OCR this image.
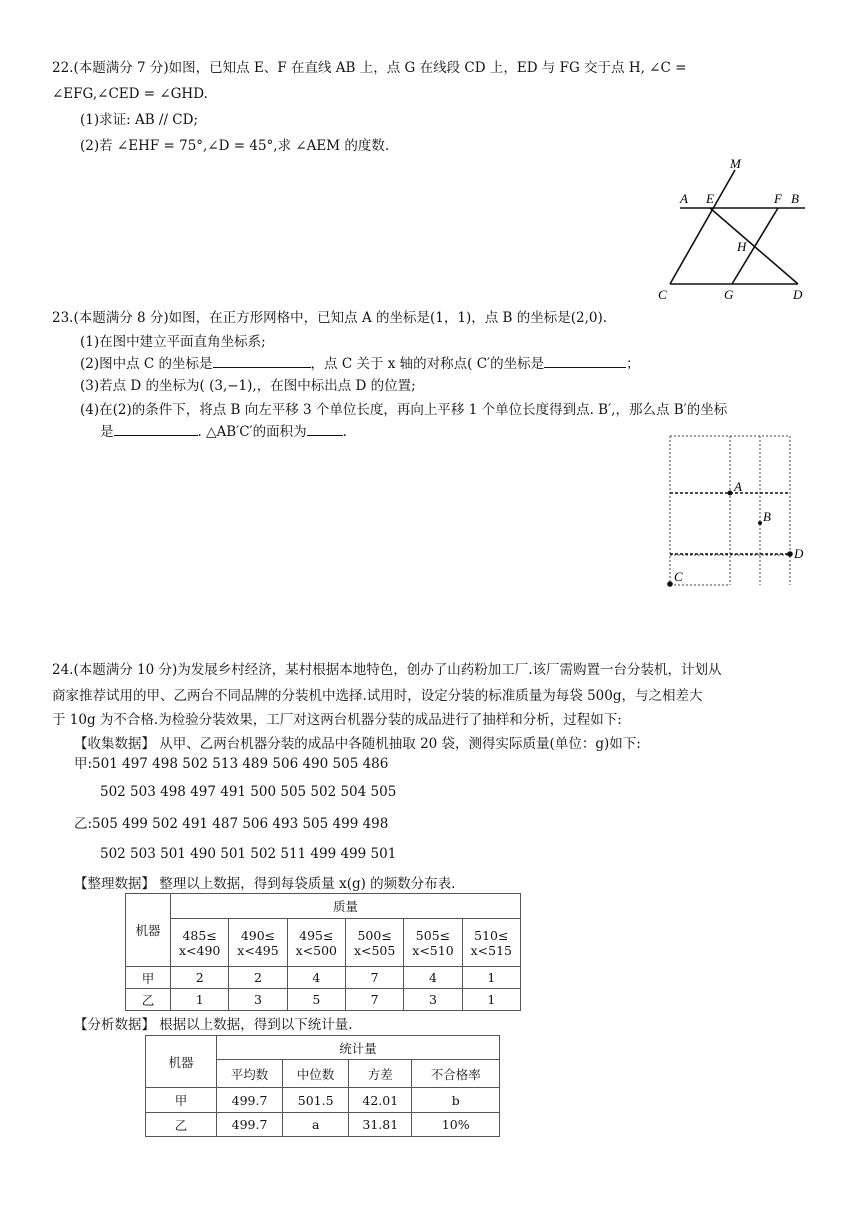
22.(本题满分 7 分)如图，已知点 E、F 在直线 AB 上，点 G 在线段 CD 上，ED 与 FG 交于点 H, ∠C =
∠EFG,∠CED = ∠GHD.
(1)求证: AB // CD;
(2)若 ∠EHF = 75°,∠D = 45°,求 ∠AEM 的度数.
M
A E	F B
H
C	G	D
23.(本题满分 8 分)如图，在正方形网格中，已知点 A 的坐标是(1，1)，点 B 的坐标是(2,0).
(1)在图中建立平面直角坐标系;
(2)图中点 C 的坐标是	，点 C 关于 x 轴的对称点( C′的坐标是	；
(3)若点 D 的坐标为( (3,−1),，在图中标出点 D 的位置;
(4)在(2)的条件下，将点 B 向左平移 3 个单位长度，再向上平移 1 个单位长度得到点. B′,，那么点 B′的坐标
是	. △AB′C′的面积为	.
A
B
C
D
24.(本题满分 10 分)为发展乡村经济，某村根据本地特色，创办了山药粉加工厂.该厂需购置一台分装机，计划从
商家推荐试用的甲、乙两台不同品牌的分装机中选择.试用时，设定分装的标准质量为每袋 500g，与之相差大
于 10g 为不合格.为检验分装效果，工厂对这两台机器分装的成品进行了抽样和分析，过程如下:
【收集数据】 从甲、乙两台机器分装的成品中各随机抽取 20 袋，测得实际质量(单位：g)如下:
甲:501 497 498 502 513 489 506 490 505 486
502 503 498 497 491 500 505 502 504 505
乙:505 499 502 491 487 506 493 505 499 498
502 503 501 490 501 502 511 499 499 501
【整理数据】 整理以上数据，得到每袋质量 x(g) 的频数分布表.
机器	质量					
	485≤
x<490	490≤
x<495	495≤
x<500	500≤
x<505	505≤
x<510	510≤
x<515
甲	2	2	4	7	4	1
乙	1	3	5	7	3	1
【分析数据】 根据以上数据，得到以下统计量.
机器	统计量			
	平均数	中位数	方差	不合格率
甲	499.7	501.5	42.01	b
乙	499.7	a	31.81	10%
